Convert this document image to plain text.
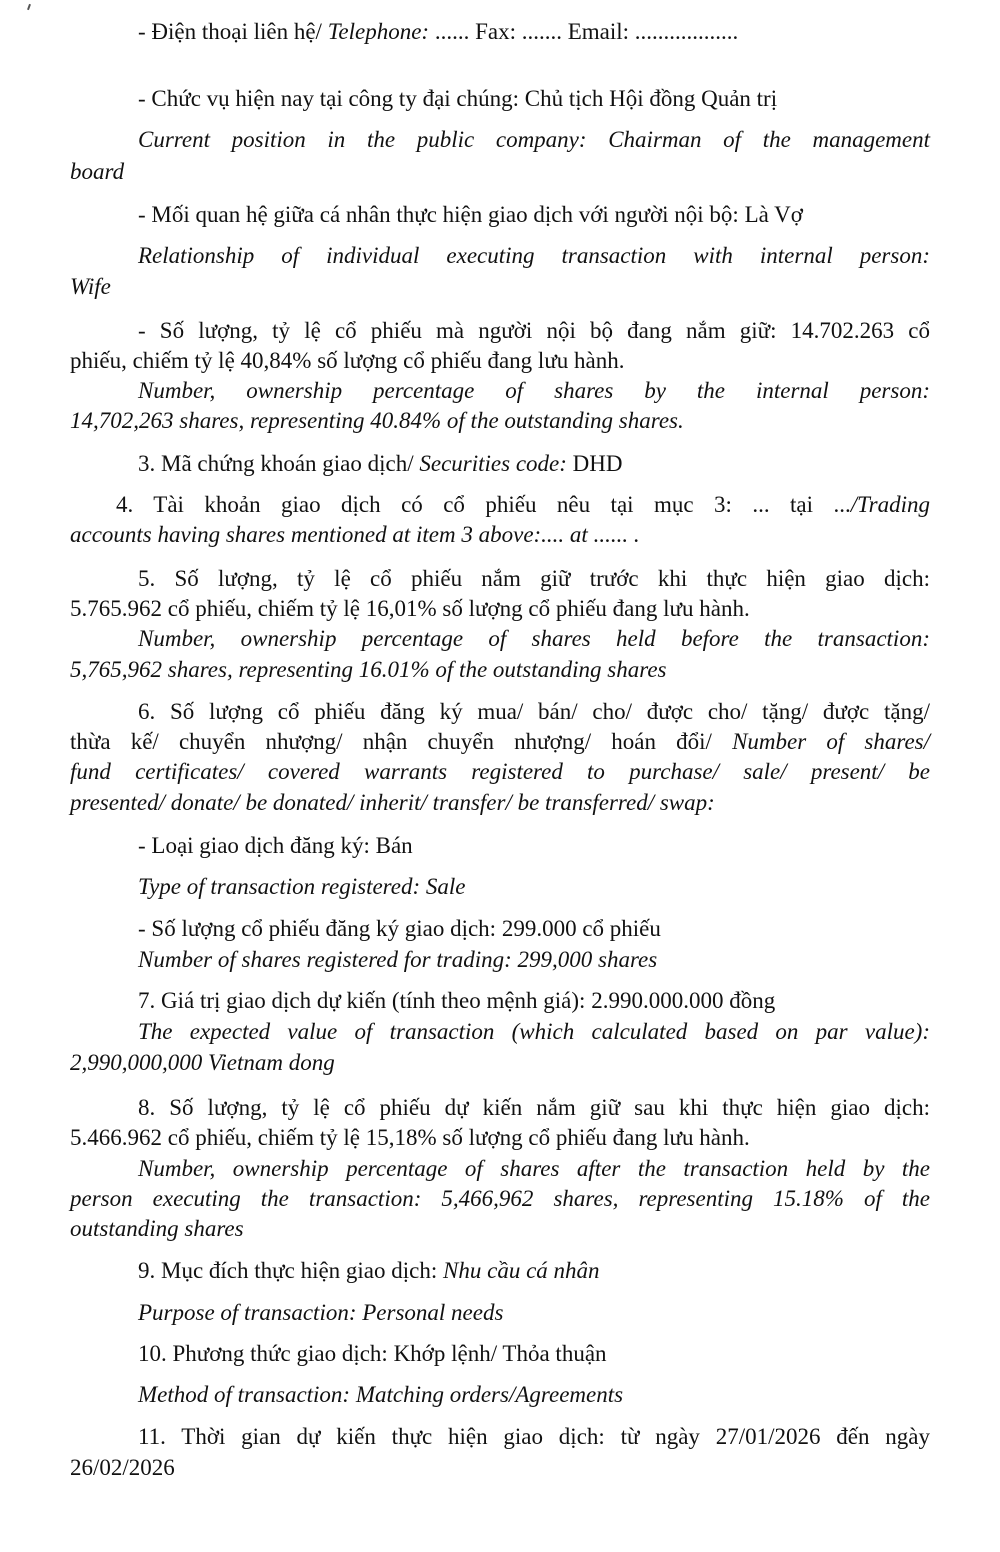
- Điện thoại liên hệ/ Telephone: ...... Fax: ....... Email: ..................
- Chức vụ hiện nay tại công ty đại chúng: Chủ tịch Hội đồng Quản trị
Current position in the public company: Chairman of the management
board
- Mối quan hệ giữa cá nhân thực hiện giao dịch với người nội bộ: Là Vợ
Relationship of individual executing transaction with internal person:
Wife
- Số lượng, tỷ lệ cổ phiếu mà người nội bộ đang nắm giữ: 14.702.263 cổ
phiếu, chiếm tỷ lệ 40,84% số lượng cổ phiếu đang lưu hành.
Number, ownership percentage of shares by the internal person:
14,702,263 shares, representing 40.84% of the outstanding shares.
3. Mã chứng khoán giao dịch/ Securities code: DHD
4. Tài khoản giao dịch có cổ phiếu nêu tại mục 3: ... tại .../Trading
accounts having shares mentioned at item 3 above:.... at ...... .
5. Số lượng, tỷ lệ cổ phiếu nắm giữ trước khi thực hiện giao dịch:
5.765.962 cổ phiếu, chiếm tỷ lệ 16,01% số lượng cổ phiếu đang lưu hành.
Number, ownership percentage of shares held before the transaction:
5,765,962 shares, representing 16.01% of the outstanding shares
6. Số lượng cổ phiếu đăng ký mua/ bán/ cho/ được cho/ tặng/ được tặng/
thừa kế/ chuyển nhượng/ nhận chuyển nhượng/ hoán đổi/ Number of shares/
fund certificates/ covered warrants registered to purchase/ sale/ present/ be
presented/ donate/ be donated/ inherit/ transfer/ be transferred/ swap:
- Loại giao dịch đăng ký: Bán
Type of transaction registered: Sale
- Số lượng cổ phiếu đăng ký giao dịch: 299.000 cổ phiếu
Number of shares registered for trading: 299,000 shares
7. Giá trị giao dịch dự kiến (tính theo mệnh giá): 2.990.000.000 đồng
The expected value of transaction (which calculated based on par value):
2,990,000,000 Vietnam dong
8. Số lượng, tỷ lệ cổ phiếu dự kiến nắm giữ sau khi thực hiện giao dịch:
5.466.962 cổ phiếu, chiếm tỷ lệ 15,18% số lượng cổ phiếu đang lưu hành.
Number, ownership percentage of shares after the transaction held by the
person executing the transaction: 5,466,962 shares, representing 15.18% of the
outstanding shares
9. Mục đích thực hiện giao dịch: Nhu cầu cá nhân
Purpose of transaction: Personal needs
10. Phương thức giao dịch: Khớp lệnh/ Thỏa thuận
Method of transaction: Matching orders/Agreements
11. Thời gian dự kiến thực hiện giao dịch: từ ngày 27/01/2026 đến ngày
26/02/2026
